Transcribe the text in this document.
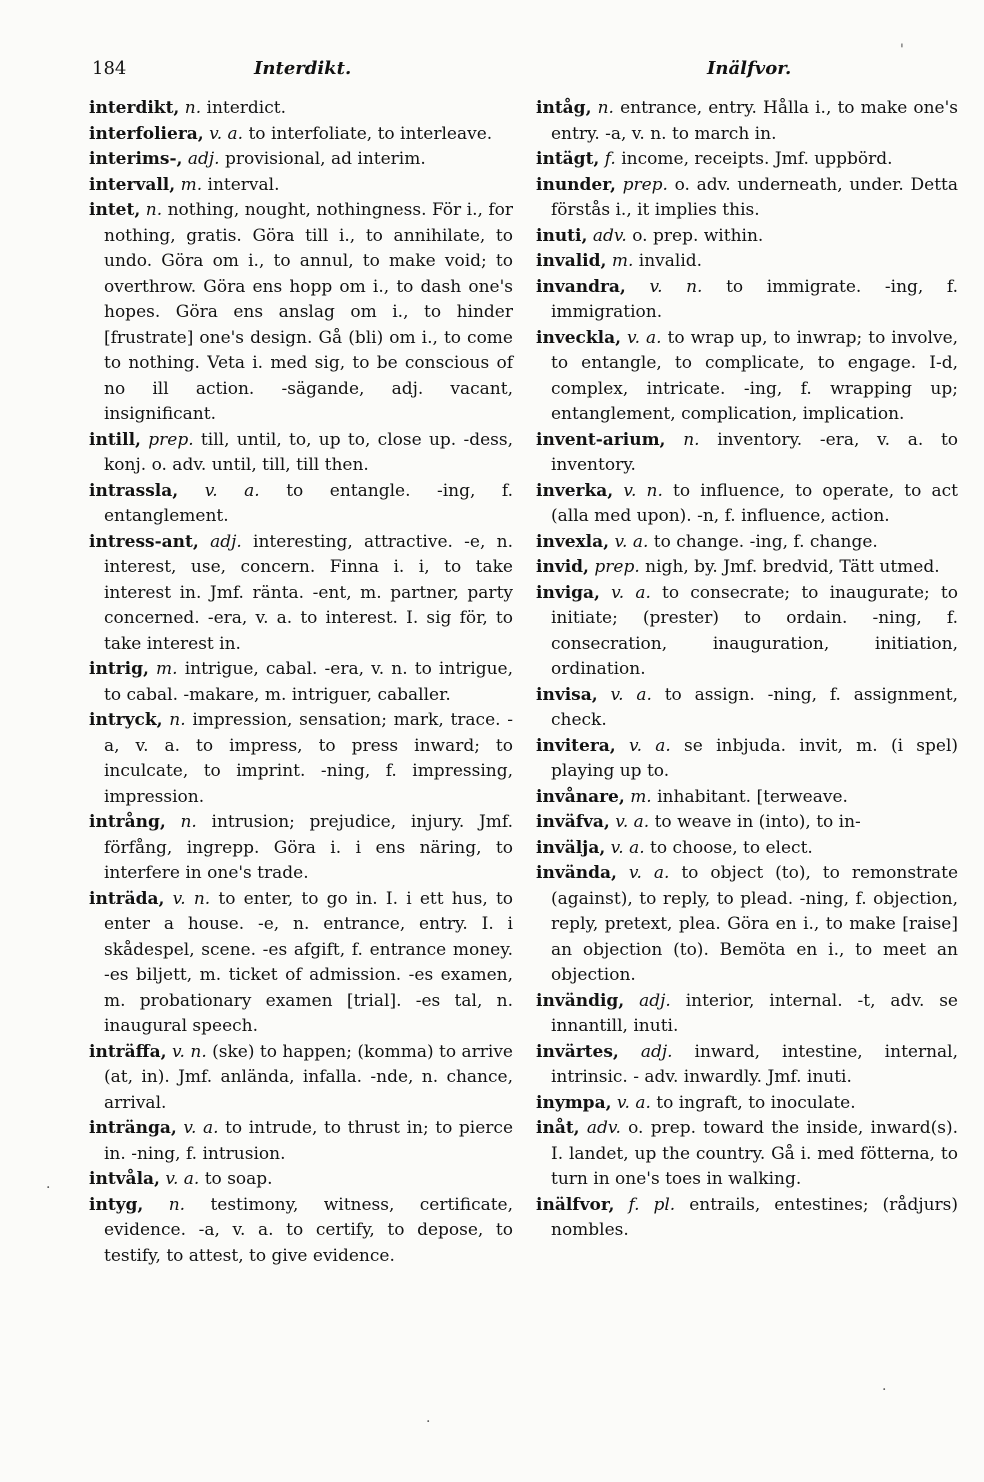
184	Interdikt.	Inälfvor.

interdikt, n. interdict.

interfoliera, v. a. to interfoliate, to interleave.

interims-, adj. provisional, ad interim.

intervall, m. interval.

intet, n. nothing, nought, nothingness. För i., for nothing, gratis. Göra till i., to annihilate, to undo. Göra om i., to annul, to make void; to overthrow. Göra ens hopp om i., to dash one's hopes. Göra ens anslag om i., to hinder [frustrate] one's design. Gå (bli) om i., to come to nothing. Veta i. med sig, to be conscious of no ill action. -sägande, adj. vacant, insignificant.

intill, prep. till, until, to, up to, close up. -dess, konj. o. adv. until, till, till then.

intrassla, v. a. to entangle. -ing, f. entanglement.

intress-ant, adj. interesting, attractive. -e, n. interest, use, concern. Finna i. i, to take interest in. Jmf. ränta. -ent, m. partner, party concerned. -era, v. a. to interest. I. sig för, to take interest in.

intrig, m. intrigue, cabal. -era, v. n. to intrigue, to cabal. -makare, m. intriguer, caballer.

intryck, n. impression, sensation; mark, trace. -a, v. a. to impress, to press inward; to inculcate, to imprint. -ning, f. impressing, impression.

intrång, n. intrusion; prejudice, injury. Jmf. förfång, ingrepp. Göra i. i ens näring, to interfere in one's trade.

inträda, v. n. to enter, to go in. I. i ett hus, to enter a house. -e, n. entrance, entry. I. i skådespel, scene. -es afgift, f. entrance money. -es biljett, m. ticket of admission. -es examen, m. probationary examen [trial]. -es tal, n. inaugural speech.

inträffa, v. n. (ske) to happen; (komma) to arrive (at, in). Jmf. anlända, infalla. -nde, n. chance, arrival.

intränga, v. a. to intrude, to thrust in; to pierce in. -ning, f. intrusion.

intvåla, v. a. to soap.

intyg, n. testimony, witness, certificate, evidence. -a, v. a. to certify, to depose, to testify, to attest, to give evidence.

intåg, n. entrance, entry. Hålla i., to make one's entry. -a, v. n. to march in.

intägt, f. income, receipts. Jmf. uppbörd.

inunder, prep. o. adv. underneath, under. Detta förstås i., it implies this.

inuti, adv. o. prep. within.

invalid, m. invalid.

invandra, v. n. to immigrate. -ing, f. immigration.

inveckla, v. a. to wrap up, to inwrap; to involve, to entangle, to complicate, to engage. I-d, complex, intricate. -ing, f. wrapping up; entanglement, complication, implication.

invent-arium, n. inventory. -era, v. a. to inventory.

inverka, v. n. to influence, to operate, to act (alla med upon). -n, f. influence, action.

invexla, v. a. to change. -ing, f. change.

invid, prep. nigh, by. Jmf. bredvid, Tätt utmed.

inviga, v. a. to consecrate; to inaugurate; to initiate; (prester) to ordain. -ning, f. consecration, inauguration, initiation, ordination.

invisa, v. a. to assign. -ning, f. assignment, check.

invitera, v. a. se inbjuda. invit, m. (i spel) playing up to.

invånare, m. inhabitant. [terweave.

inväfva, v. a. to weave in (into), to in-

invälja, v. a. to choose, to elect.

invända, v. a. to object (to), to remonstrate (against), to reply, to plead. -ning, f. objection, reply, pretext, plea. Göra en i., to make [raise] an objection (to). Bemöta en i., to meet an objection.

invändig, adj. interior, internal. -t, adv. se innantill, inuti.

invärtes, adj. inward, intestine, internal, intrinsic. - adv. inwardly. Jmf. inuti.

inympa, v. a. to ingraft, to inoculate.

inåt, adv. o. prep. toward the inside, inward(s). I. landet, up the country. Gå i. med fötterna, to turn in one's toes in walking.

inälfvor, f. pl. entrails, entestines; (rådjurs) nombles.

'
·
·
·
